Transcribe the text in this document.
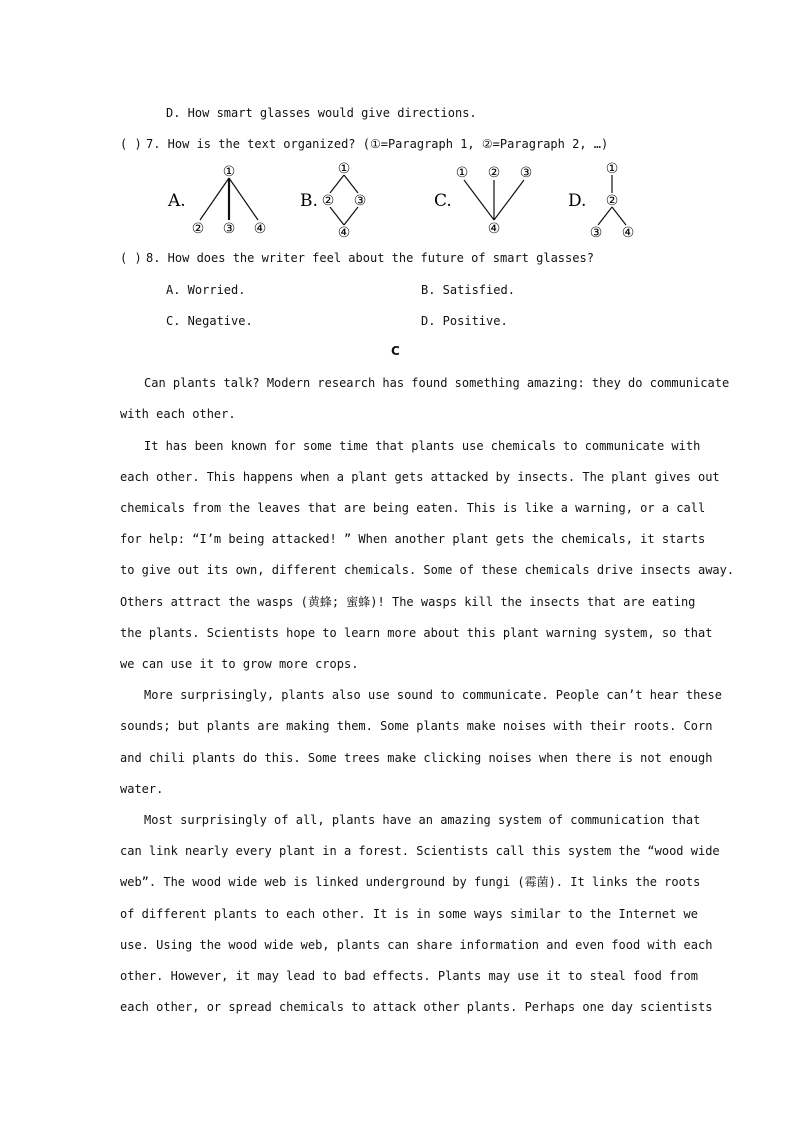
D. How smart glasses would give directions.
( ) 7. How is the text organized? (①=Paragraph 1, ②=Paragraph 2, …)
A.
①
② ③ ④
B.
①
② ③
④
C.
① ② ③
④
D.
①
②
③ ④
( ) 8. How does the writer feel about the future of smart glasses?
A. Worried.	B. Satisfied.
C. Negative.	D. Positive.
C
Can plants talk? Modern research has found something amazing: they do communicate
with each other.
It has been known for some time that plants use chemicals to communicate with
each other. This happens when a plant gets attacked by insects. The plant gives out
chemicals from the leaves that are being eaten. This is like a warning, or a call
for help: “I’m being attacked! ” When another plant gets the chemicals, it starts
to give out its own, different chemicals. Some of these chemicals drive insects away.
Others attract the wasps (黄蜂; 蜜蜂)! The wasps kill the insects that are eating
the plants. Scientists hope to learn more about this plant warning system, so that
we can use it to grow more crops.
More surprisingly, plants also use sound to communicate. People can’t hear these
sounds; but plants are making them. Some plants make noises with their roots. Corn
and chili plants do this. Some trees make clicking noises when there is not enough
water.
Most surprisingly of all, plants have an amazing system of communication that
can link nearly every plant in a forest. Scientists call this system the “wood wide
web”. The wood wide web is linked underground by fungi (霉菌). It links the roots
of different plants to each other. It is in some ways similar to the Internet we
use. Using the wood wide web, plants can share information and even food with each
other. However, it may lead to bad effects. Plants may use it to steal food from
each other, or spread chemicals to attack other plants. Perhaps one day scientists
